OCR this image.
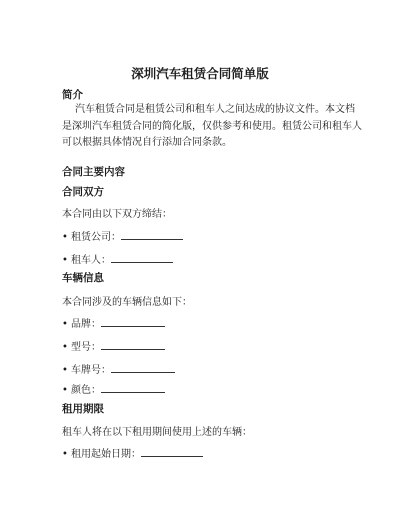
深圳汽车租赁合同简单版
简介
汽车租赁合同是租赁公司和租车人之间达成的协议文件。本文档是深圳汽车租赁合同的简化版，仅供参考和使用。租赁公司和租车人可以根据具体情况自行添加合同条款。
合同主要内容
合同双方
本合同由以下双方缔结：
• 租赁公司：
• 租车人：
车辆信息
本合同涉及的车辆信息如下：
• 品牌：
• 型号：
• 车牌号：
• 颜色：
租用期限
租车人将在以下租用期间使用上述的车辆：
• 租用起始日期：
